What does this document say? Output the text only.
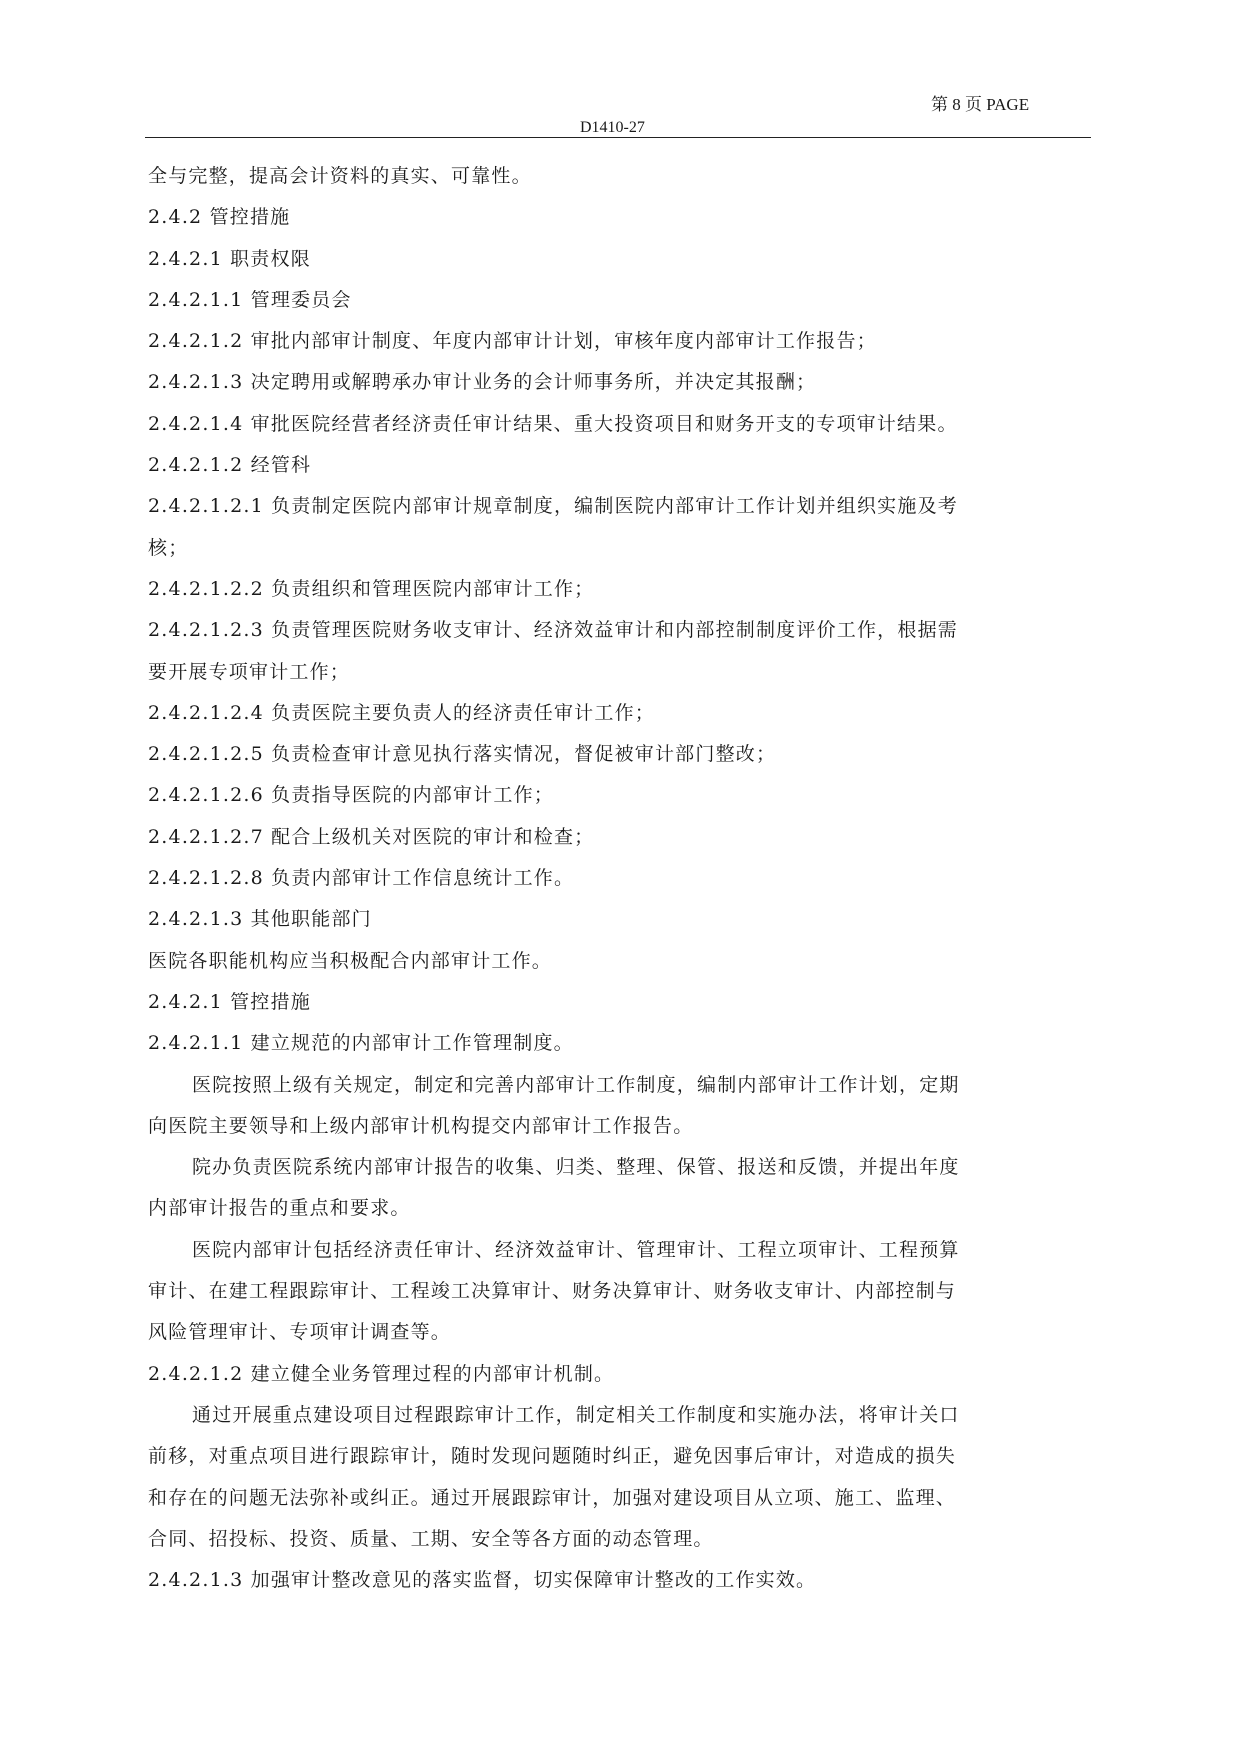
第 8 页 PAGE
D1410-27
全与完整，提高会计资料的真实、可靠性。
2.4.2 管控措施
2.4.2.1 职责权限
2.4.2.1.1 管理委员会
2.4.2.1.2 审批内部审计制度、年度内部审计计划，审核年度内部审计工作报告；
2.4.2.1.3 决定聘用或解聘承办审计业务的会计师事务所，并决定其报酬；
2.4.2.1.4 审批医院经营者经济责任审计结果、重大投资项目和财务开支的专项审计结果。
2.4.2.1.2 经管科
2.4.2.1.2.1 负责制定医院内部审计规章制度，编制医院内部审计工作计划并组织实施及考
核；
2.4.2.1.2.2 负责组织和管理医院内部审计工作；
2.4.2.1.2.3 负责管理医院财务收支审计、经济效益审计和内部控制制度评价工作，根据需
要开展专项审计工作；
2.4.2.1.2.4 负责医院主要负责人的经济责任审计工作；
2.4.2.1.2.5 负责检查审计意见执行落实情况，督促被审计部门整改；
2.4.2.1.2.6 负责指导医院的内部审计工作；
2.4.2.1.2.7 配合上级机关对医院的审计和检查；
2.4.2.1.2.8 负责内部审计工作信息统计工作。
2.4.2.1.3 其他职能部门
医院各职能机构应当积极配合内部审计工作。
2.4.2.1 管控措施
2.4.2.1.1 建立规范的内部审计工作管理制度。
医院按照上级有关规定，制定和完善内部审计工作制度，编制内部审计工作计划，定期
向医院主要领导和上级内部审计机构提交内部审计工作报告。
院办负责医院系统内部审计报告的收集、归类、整理、保管、报送和反馈，并提出年度
内部审计报告的重点和要求。
医院内部审计包括经济责任审计、经济效益审计、管理审计、工程立项审计、工程预算
审计、在建工程跟踪审计、工程竣工决算审计、财务决算审计、财务收支审计、内部控制与
风险管理审计、专项审计调查等。
2.4.2.1.2 建立健全业务管理过程的内部审计机制。
通过开展重点建设项目过程跟踪审计工作，制定相关工作制度和实施办法，将审计关口
前移，对重点项目进行跟踪审计，随时发现问题随时纠正，避免因事后审计，对造成的损失
和存在的问题无法弥补或纠正。通过开展跟踪审计，加强对建设项目从立项、施工、监理、
合同、招投标、投资、质量、工期、安全等各方面的动态管理。
2.4.2.1.3 加强审计整改意见的落实监督，切实保障审计整改的工作实效。
